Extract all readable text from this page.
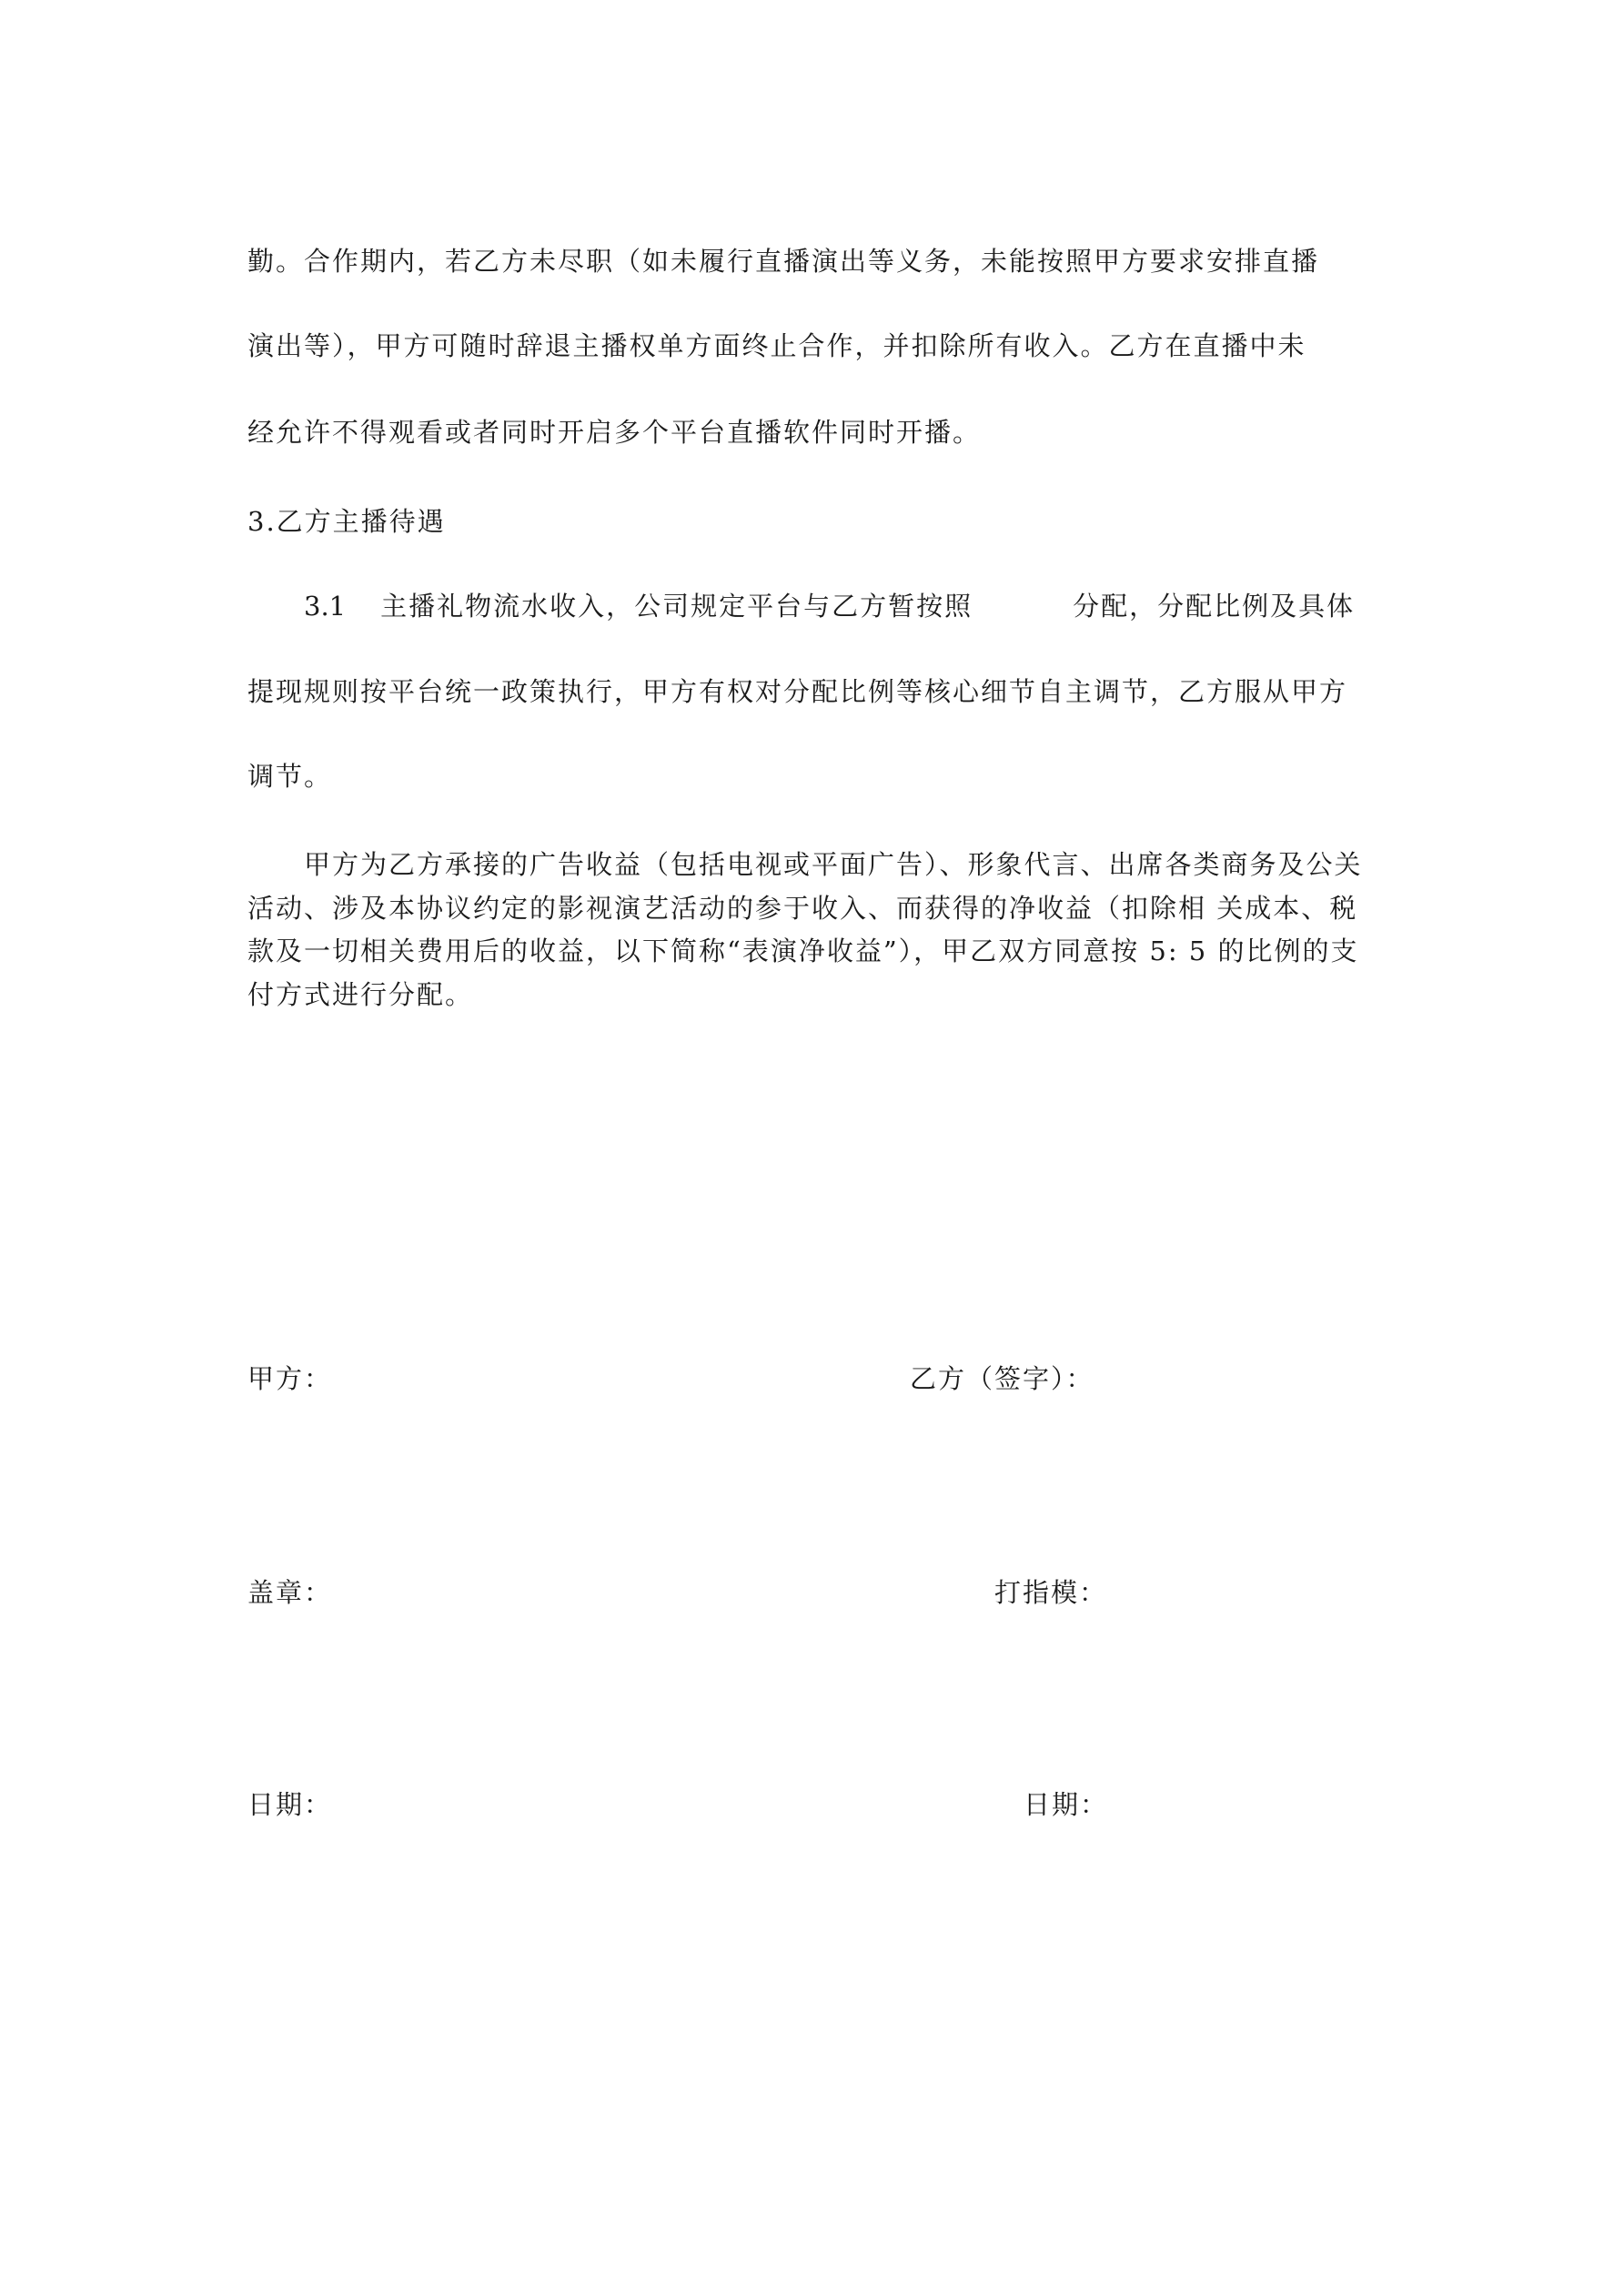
勤。合作期内，若乙方未尽职（如未履行直播演出等义务，未能按照甲方要求安排直播
演出等），甲方可随时辞退主播权单方面终止合作，并扣除所有收入。乙方在直播中未
经允许不得观看或者同时开启多个平台直播软件同时开播。
3.乙方主播待遇
3.1 主播礼物流水收入，公司规定平台与乙方暂按照	分配，分配比例及具体
提现规则按平台统一政策执行，甲方有权对分配比例等核心细节自主调节，乙方服从甲方
调节。
甲方为乙方承接的广告收益（包括电视或平面广告）、形象代言、出席各类商务及公关
活动、涉及本协议约定的影视演艺活动的参于收入、而获得的净收益（扣除相 关成本、税
款及一切相关费用后的收益，以下简称“表演净收益”），甲乙双方同意按 5: 5 的比例的支
付方式进行分配。
甲方：	乙方（签字）：
盖章：	打指模：
日期：	日期：
